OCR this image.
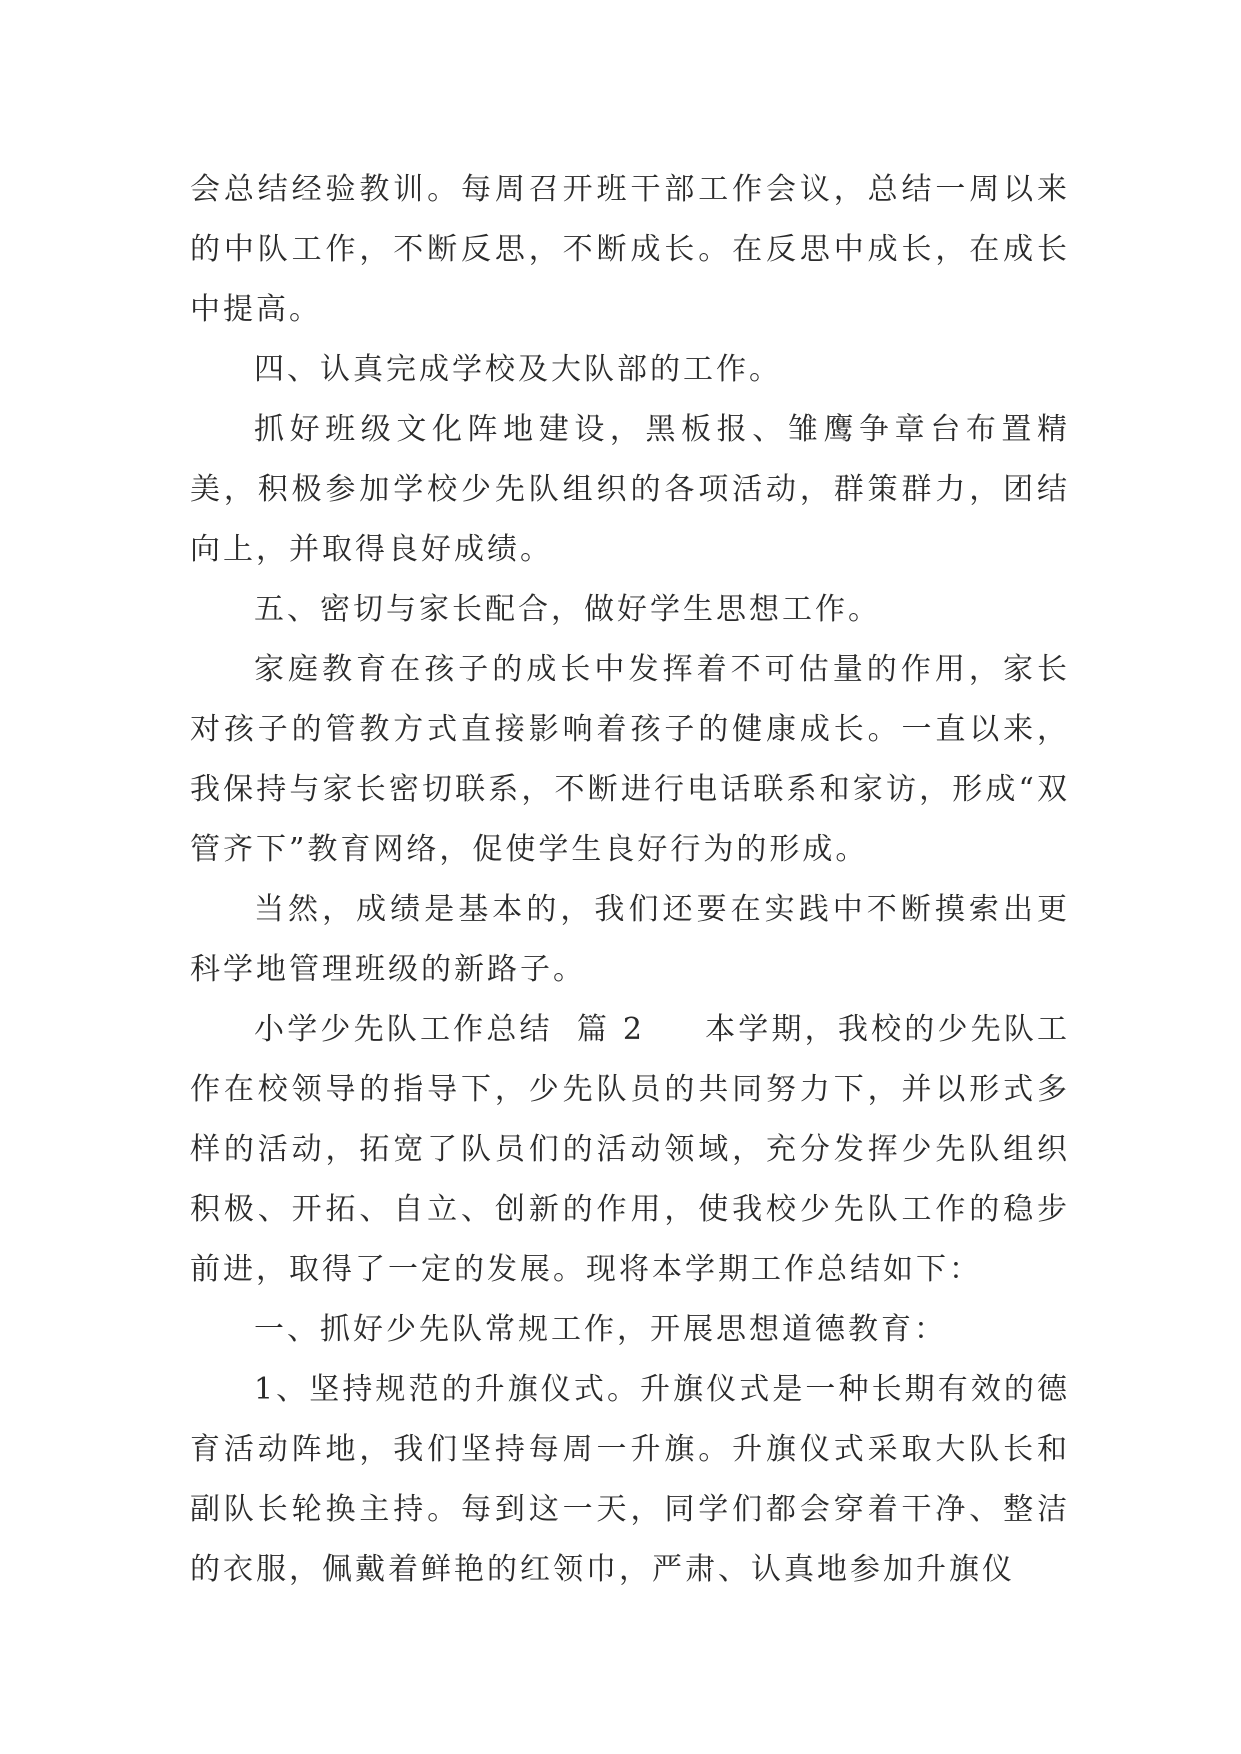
会总结经验教训。每周召开班干部工作会议，总结一周以来的中队工作，不断反思，不断成长。在反思中成长，在成长中提高。

四、认真完成学校及大队部的工作。

抓好班级文化阵地建设，黑板报、雏鹰争章台布置精美，积极参加学校少先队组织的各项活动，群策群力，团结向上，并取得良好成绩。

五、密切与家长配合，做好学生思想工作。

家庭教育在孩子的成长中发挥着不可估量的作用，家长对孩子的管教方式直接影响着孩子的健康成长。一直以来，我保持与家长密切联系，不断进行电话联系和家访，形成“双管齐下”教育网络，促使学生良好行为的形成。

当然，成绩是基本的，我们还要在实践中不断摸索出更科学地管理班级的新路子。

小学少先队工作总结 篇 2 本学期，我校的少先队工作在校领导的指导下，少先队员的共同努力下，并以形式多样的活动，拓宽了队员们的活动领域，充分发挥少先队组织积极、开拓、自立、创新的作用，使我校少先队工作的稳步前进，取得了一定的发展。现将本学期工作总结如下：

一、抓好少先队常规工作，开展思想道德教育：

1、坚持规范的升旗仪式。升旗仪式是一种长期有效的德育活动阵地，我们坚持每周一升旗。升旗仪式采取大队长和副队长轮换主持。每到这一天，同学们都会穿着干净、整洁的衣服，佩戴着鲜艳的红领巾，严肃、认真地参加升旗仪
